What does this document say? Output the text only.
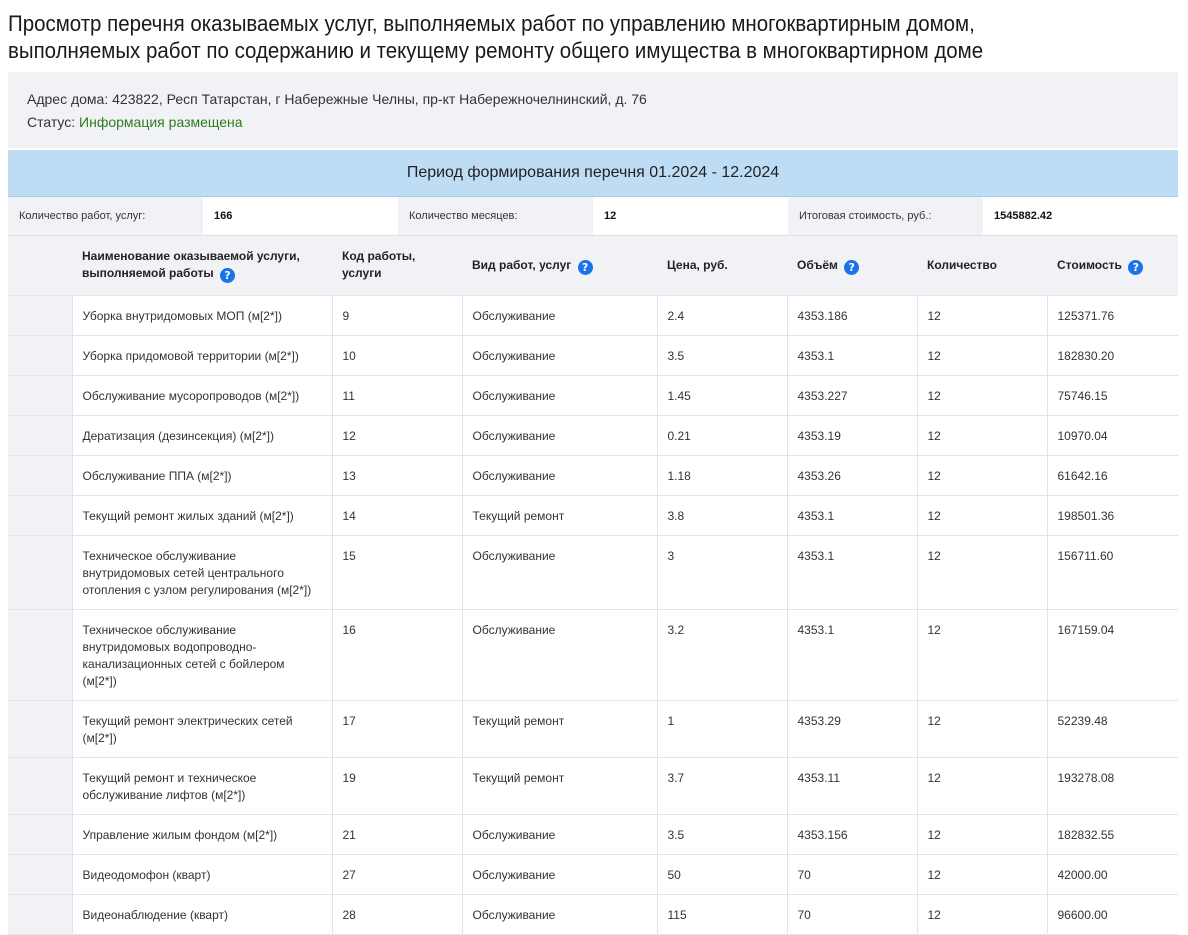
Просмотр перечня оказываемых услуг, выполняемых работ по управлению многоквартирным домом,
выполняемых работ по содержанию и текущему ремонту общего имущества в многоквартирном доме
Адрес дома: 423822, Респ Татарстан, г Набережные Челны, пр-кт Набережночелнинский, д. 76
Статус: Информация размещена
Период формирования перечня 01.2024 - 12.2024
Количество работ, услуг:	166	Количество месяцев:	12	Итоговая стоимость, руб.:	1545882.42
	Наименование оказываемой услуги, выполняемой работы ?	Код работы, услуги	Вид работ, услуг ?	Цена, руб.	Объём ?	Количество	Стоимость ?
	Уборка внутридомовых МОП (м[2*])	9	Обслуживание	2.4	4353.186	12	125371.76
	Уборка придомовой территории (м[2*])	10	Обслуживание	3.5	4353.1	12	182830.20
	Обслуживание мусоропроводов (м[2*])	11	Обслуживание	1.45	4353.227	12	75746.15
	Дератизация (дезинсекция) (м[2*])	12	Обслуживание	0.21	4353.19	12	10970.04
	Обслуживание ППА (м[2*])	13	Обслуживание	1.18	4353.26	12	61642.16
	Текущий ремонт жилых зданий (м[2*])	14	Текущий ремонт	3.8	4353.1	12	198501.36
	Техническое обслуживание внутридомовых сетей центрального отопления с узлом регулирования (м[2*])	15	Обслуживание	3	4353.1	12	156711.60
	Техническое обслуживание внутридомовых водопроводно-канализационных сетей с бойлером (м[2*])	16	Обслуживание	3.2	4353.1	12	167159.04
	Текущий ремонт электрических сетей (м[2*])	17	Текущий ремонт	1	4353.29	12	52239.48
	Текущий ремонт и техническое обслуживание лифтов (м[2*])	19	Текущий ремонт	3.7	4353.11	12	193278.08
	Управление жилым фондом (м[2*])	21	Обслуживание	3.5	4353.156	12	182832.55
	Видеодомофон (кварт)	27	Обслуживание	50	70	12	42000.00
	Видеонаблюдение (кварт)	28	Обслуживание	115	70	12	96600.00
